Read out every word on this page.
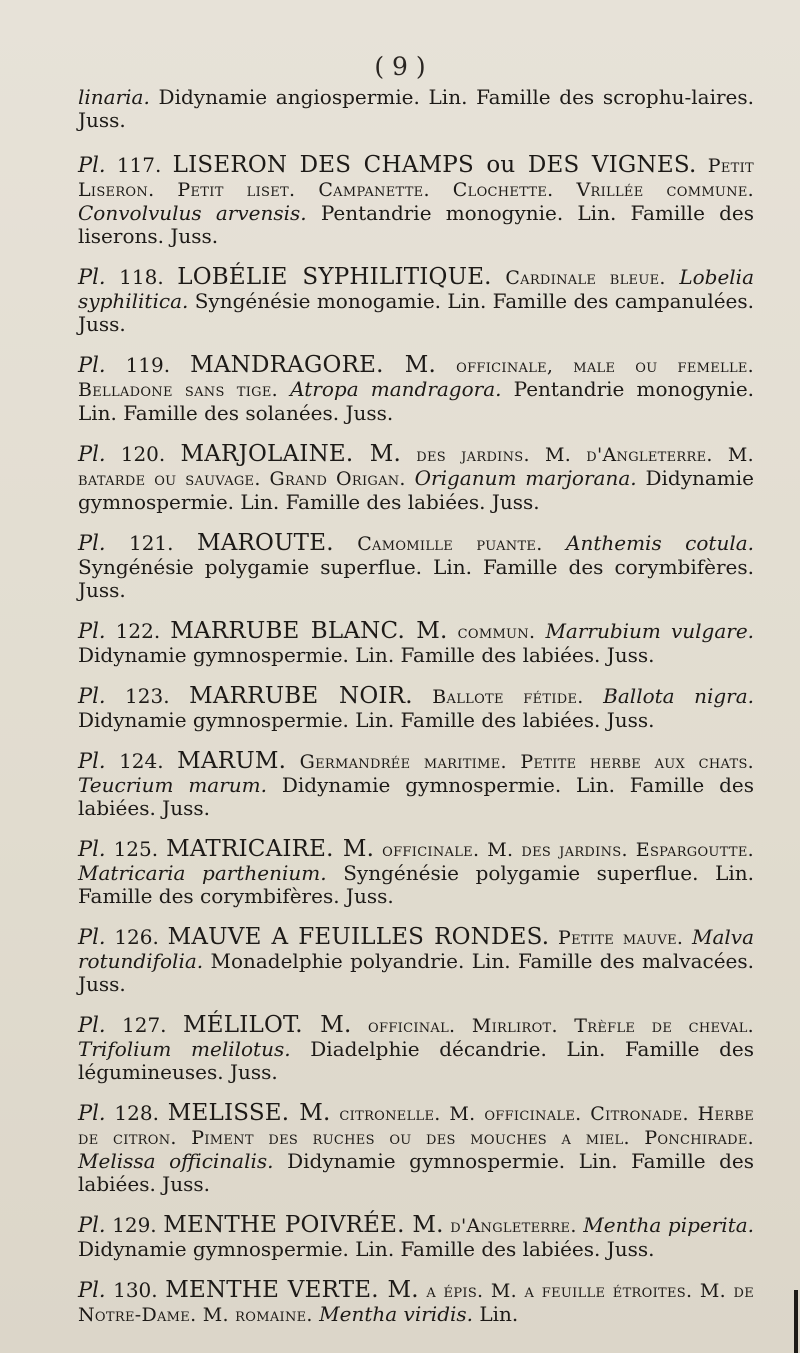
( 9 )

linaria. Didynamie angiospermie. Lin. Famille des scrophu-laires. Juss.

Pl. 117. LISERON DES CHAMPS ou DES VIGNES. Petit Liseron. Petit liset. Campanette. Clochette. Vrillée commune. Convolvulus arvensis. Pentandrie monogynie. Lin. Famille des liserons. Juss.

Pl. 118. LOBÉLIE SYPHILITIQUE. Cardinale bleue. Lobelia syphilitica. Syngénésie monogamie. Lin. Famille des campanulées. Juss.

Pl. 119. MANDRAGORE. M. officinale, male ou femelle. Belladone sans tige. Atropa mandragora. Pentandrie monogynie. Lin. Famille des solanées. Juss.

Pl. 120. MARJOLAINE. M. des jardins. M. d'Angleterre. M. batarde ou sauvage. Grand Origan. Origanum marjorana. Didynamie gymnospermie. Lin. Famille des labiées. Juss.

Pl. 121. MAROUTE. Camomille puante. Anthemis cotula. Syngénésie polygamie superflue. Lin. Famille des corymbifères. Juss.

Pl. 122. MARRUBE BLANC. M. commun. Marrubium vulgare. Didynamie gymnospermie. Lin. Famille des labiées. Juss.

Pl. 123. MARRUBE NOIR. Ballote fétide. Ballota nigra. Didynamie gymnospermie. Lin. Famille des labiées. Juss.

Pl. 124. MARUM. Germandrée maritime. Petite herbe aux chats. Teucrium marum. Didynamie gymnospermie. Lin. Famille des labiées. Juss.

Pl. 125. MATRICAIRE. M. officinale. M. des jardins. Espargoutte. Matricaria parthenium. Syngénésie polygamie superflue. Lin. Famille des corymbifères. Juss.

Pl. 126. MAUVE A FEUILLES RONDES. Petite mauve. Malva rotundifolia. Monadelphie polyandrie. Lin. Famille des malvacées. Juss.

Pl. 127. MÉLILOT. M. officinal. Mirlirot. Trèfle de cheval. Trifolium melilotus. Diadelphie décandrie. Lin. Famille des légumineuses. Juss.

Pl. 128. MELISSE. M. citronelle. M. officinale. Citronade. Herbe de citron. Piment des ruches ou des mouches a miel. Ponchirade. Melissa officinalis. Didynamie gymnospermie. Lin. Famille des labiées. Juss.

Pl. 129. MENTHE POIVRÉE. M. d'Angleterre. Mentha piperita. Didynamie gymnospermie. Lin. Famille des labiées. Juss.

Pl. 130. MENTHE VERTE. M. a épis. M. a feuille étroites. M. de Notre-Dame. M. romaine. Mentha viridis. Lin.
